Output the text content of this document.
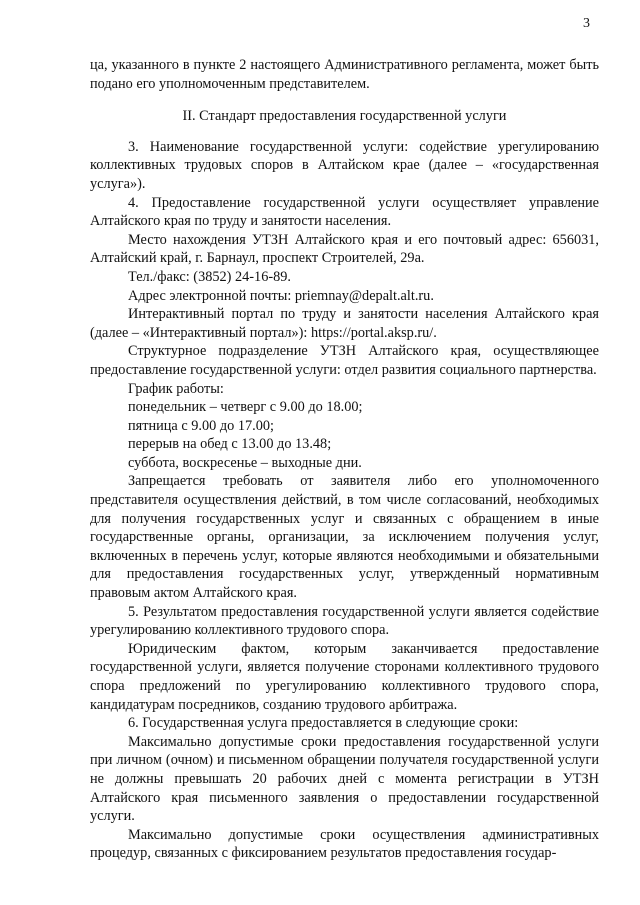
3

ца, указанного в пункте 2 настоящего Административного регламента, может быть подано его уполномоченным представителем.

II. Стандарт предоставления государственной услуги

3. Наименование государственной услуги: содействие урегулированию коллективных трудовых споров в Алтайском крае (далее – «государственная услуга»).

4. Предоставление государственной услуги осуществляет управление Алтайского края по труду и занятости населения.

Место нахождения УТЗН Алтайского края и его почтовый адрес: 656031, Алтайский край, г. Барнаул, проспект Строителей, 29а.

Тел./факс: (3852) 24-16-89.

Адрес электронной почты: priemnay@depalt.alt.ru.

Интерактивный портал по труду и занятости населения Алтайского края (далее – «Интерактивный портал»): https://portal.aksp.ru/.

Структурное подразделение УТЗН Алтайского края, осуществляющее предоставление государственной услуги: отдел развития социального партнерства.

График работы:

понедельник – четверг с 9.00 до 18.00;

пятница с 9.00 до 17.00;

перерыв на обед с 13.00 до 13.48;

суббота, воскресенье – выходные дни.

Запрещается требовать от заявителя либо его уполномоченного представителя осуществления действий, в том числе согласований, необходимых для получения государственных услуг и связанных с обращением в иные государственные органы, организации, за исключением получения услуг, включенных в перечень услуг, которые являются необходимыми и обязательными для предоставления государственных услуг, утвержденный нормативным правовым актом Алтайского края.

5. Результатом предоставления государственной услуги является содействие урегулированию коллективного трудового спора.

Юридическим фактом, которым заканчивается предоставление государственной услуги, является получение сторонами коллективного трудового спора предложений по урегулированию коллективного трудового спора, кандидатурам посредников, созданию трудового арбитража.

6. Государственная услуга предоставляется в следующие сроки:

Максимально допустимые сроки предоставления государственной услуги при личном (очном) и письменном обращении получателя государственной услуги не должны превышать 20 рабочих дней с момента регистрации в УТЗН Алтайского края письменного заявления о предоставлении государственной услуги.

Максимально допустимые сроки осуществления административных процедур, связанных с фиксированием результатов предоставления государ-
